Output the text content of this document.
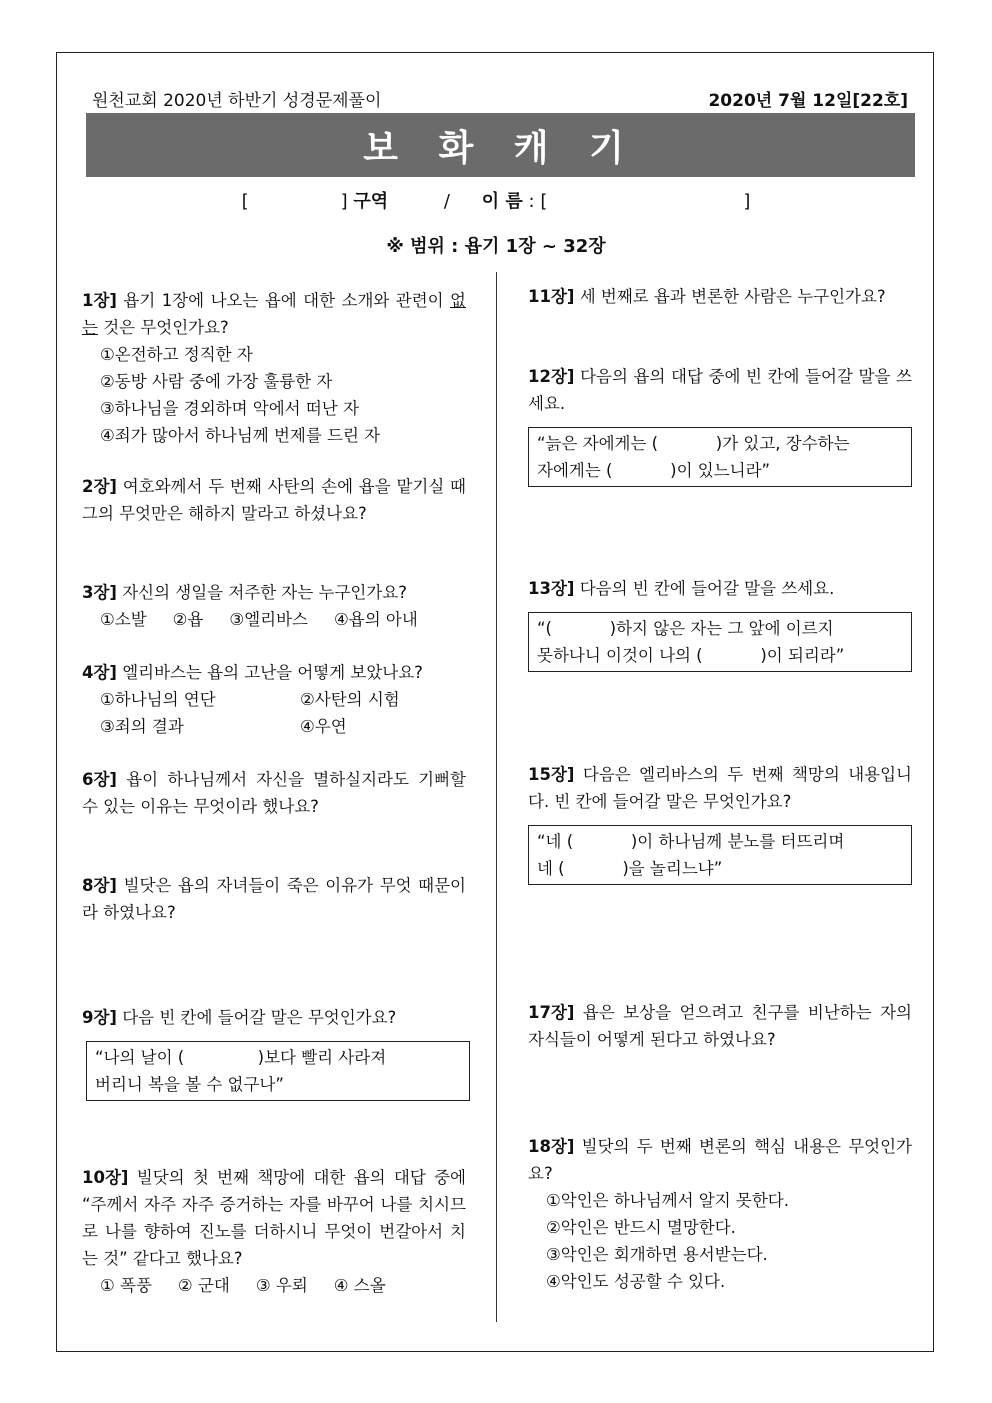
원천교회 2020년 하반기 성경문제풀이	2020년 7월 12일[22호]
보 화 캐 기
[	] 구역	/ 이 름 : [	]
※ 범위 : 욥기 1장 ~ 32장
1장] 욥기 1장에 나오는 욥에 대한 소개와 관련이 없는 것은 무엇인가요?
①온전하고 정직한 자
②동방 사람 중에 가장 훌륭한 자
③하나님을 경외하며 악에서 떠난 자
④죄가 많아서 하나님께 번제를 드린 자
2장] 여호와께서 두 번째 사탄의 손에 욥을 맡기실 때 그의 무엇만은 해하지 말라고 하셨나요?
3장] 자신의 생일을 저주한 자는 누구인가요?
①소발 ②욥 ③엘리바스 ④욥의 아내
4장] 엘리바스는 욥의 고난을 어떻게 보았나요?
①하나님의 연단	②사탄의 시험
③죄의 결과	④우연
6장] 욥이 하나님께서 자신을 멸하실지라도 기뻐할 수 있는 이유는 무엇이라 했나요?
8장] 빌닷은 욥의 자녀들이 죽은 이유가 무엇 때문이라 하였나요?
9장] 다음 빈 칸에 들어갈 말은 무엇인가요?
“나의 날이 (              )보다 빨리 사라져
버리니 복을 볼 수 없구나”
10장] 빌닷의 첫 번째 책망에 대한 욥의 대답 중에 “주께서 자주 자주 증거하는 자를 바꾸어 나를 치시므로 나를 향하여 진노를 더하시니 무엇이 번갈아서 치는 것” 같다고 했나요?
① 폭풍 ② 군대 ③ 우뢰 ④ 스올
11장] 세 번째로 욥과 변론한 사람은 누구인가요?
12장] 다음의 욥의 대답 중에 빈 칸에 들어갈 말을 쓰세요.
“늙은 자에게는 (           )가 있고, 장수하는
자에게는 (           )이 있느니라”
13장] 다음의 빈 칸에 들어갈 말을 쓰세요.
“(           )하지 않은 자는 그 앞에 이르지
못하나니 이것이 나의 (           )이 되리라”
15장] 다음은 엘리바스의 두 번째 책망의 내용입니다. 빈 칸에 들어갈 말은 무엇인가요?
“네 (           )이 하나님께 분노를 터뜨리며
네 (           )을 놀리느냐”
17장] 욥은 보상을 얻으려고 친구를 비난하는 자의 자식들이 어떻게 된다고 하였나요?
18장] 빌닷의 두 번째 변론의 핵심 내용은 무엇인가요?
①악인은 하나님께서 알지 못한다.
②악인은 반드시 멸망한다.
③악인은 회개하면 용서받는다.
④악인도 성공할 수 있다.
